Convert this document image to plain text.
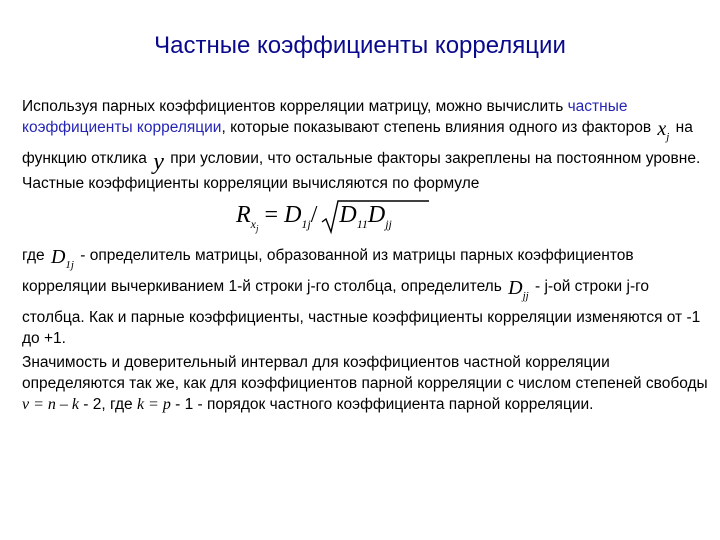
Частные коэффициенты корреляции
Используя парных коэффициентов корреляции матрицу, можно вычислить частные коэффициенты корреляции, которые показывают степень влияния одного из факторов $x_j$ на функцию отклика y при условии, что остальные факторы закреплены на постоянном уровне. Частные коэффициенты корреляции вычисляются по формуле
$R_{x_j} = D_{1j}/$ $D_{11}D_{jj}$
где $D_{1j}$ - определитель матрицы, образованной из матрицы парных коэффициентов корреляции вычеркиванием 1-й строки j-го столбца, определитель $D_{jj} - j-ой$ строки j-го столбца. Как и парные коэффициенты, частные коэффициенты корреляции изменяются от -1 до +1.
Значимость и доверительный интервал для коэффициентов частной корреляции определяются так же, как для коэффициентов парной корреляции с числом степеней свободы ν = n – k - 2, где k = p - 1 - порядок частного коэффициента парной корреляции.
